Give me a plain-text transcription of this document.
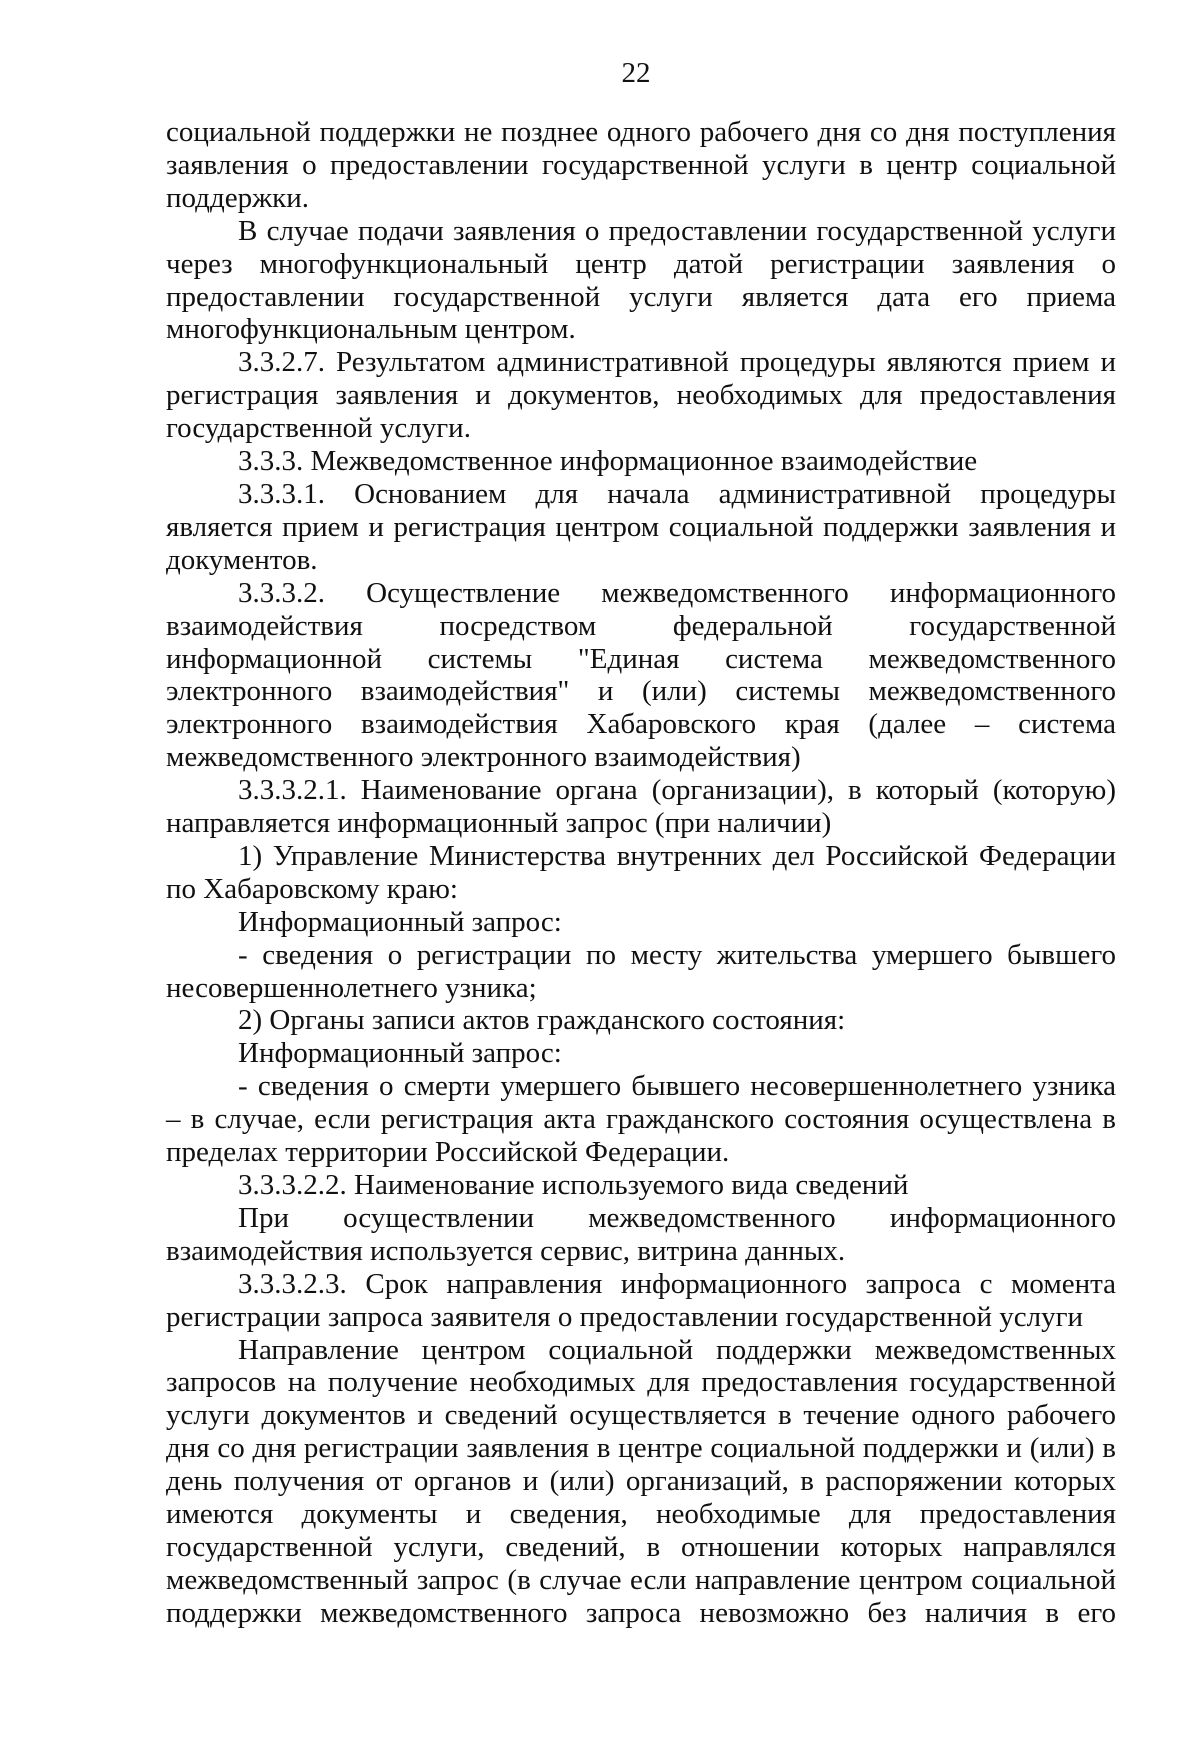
22

социальной поддержки не позднее одного рабочего дня со дня поступления заявления о предоставлении государственной услуги в центр социальной поддержки.

В случае подачи заявления о предоставлении государственной услуги через многофункциональный центр датой регистрации заявления о предоставлении государственной услуги является дата его приема многофункциональным центром.

3.3.2.7. Результатом административной процедуры являются прием и регистрация заявления и документов, необходимых для предоставления государственной услуги.

3.3.3. Межведомственное информационное взаимодействие

3.3.3.1. Основанием для начала административной процедуры является прием и регистрация центром социальной поддержки заявления и документов.

3.3.3.2. Осуществление межведомственного информационного взаимодействия посредством федеральной государственной информационной системы "Единая система межведомственного электронного взаимодействия" и (или) системы межведомственного электронного взаимодействия Хабаровского края (далее – система межведомственного электронного взаимодействия)

3.3.3.2.1. Наименование органа (организации), в который (которую) направляется информационный запрос (при наличии)

1) Управление Министерства внутренних дел Российской Федерации по Хабаровскому краю:

Информационный запрос:

- сведения о регистрации по месту жительства умершего бывшего несовершеннолетнего узника;

2) Органы записи актов гражданского состояния:

Информационный запрос:

- сведения о смерти умершего бывшего несовершеннолетнего узника – в случае, если регистрация акта гражданского состояния осуществлена в пределах территории Российской Федерации.

3.3.3.2.2. Наименование используемого вида сведений

При осуществлении межведомственного информационного взаимодействия используется сервис, витрина данных.

3.3.3.2.3. Срок направления информационного запроса с момента регистрации запроса заявителя о предоставлении государственной услуги

Направление центром социальной поддержки межведомственных запросов на получение необходимых для предоставления государственной услуги документов и сведений осуществляется в течение одного рабочего дня со дня регистрации заявления в центре социальной поддержки и (или) в день получения от органов и (или) организаций, в распоряжении которых имеются документы и сведения, необходимые для предоставления государственной услуги, сведений, в отношении которых направлялся межведомственный запрос (в случае если направление центром социальной поддержки межведомственного запроса невозможно без наличия в его
